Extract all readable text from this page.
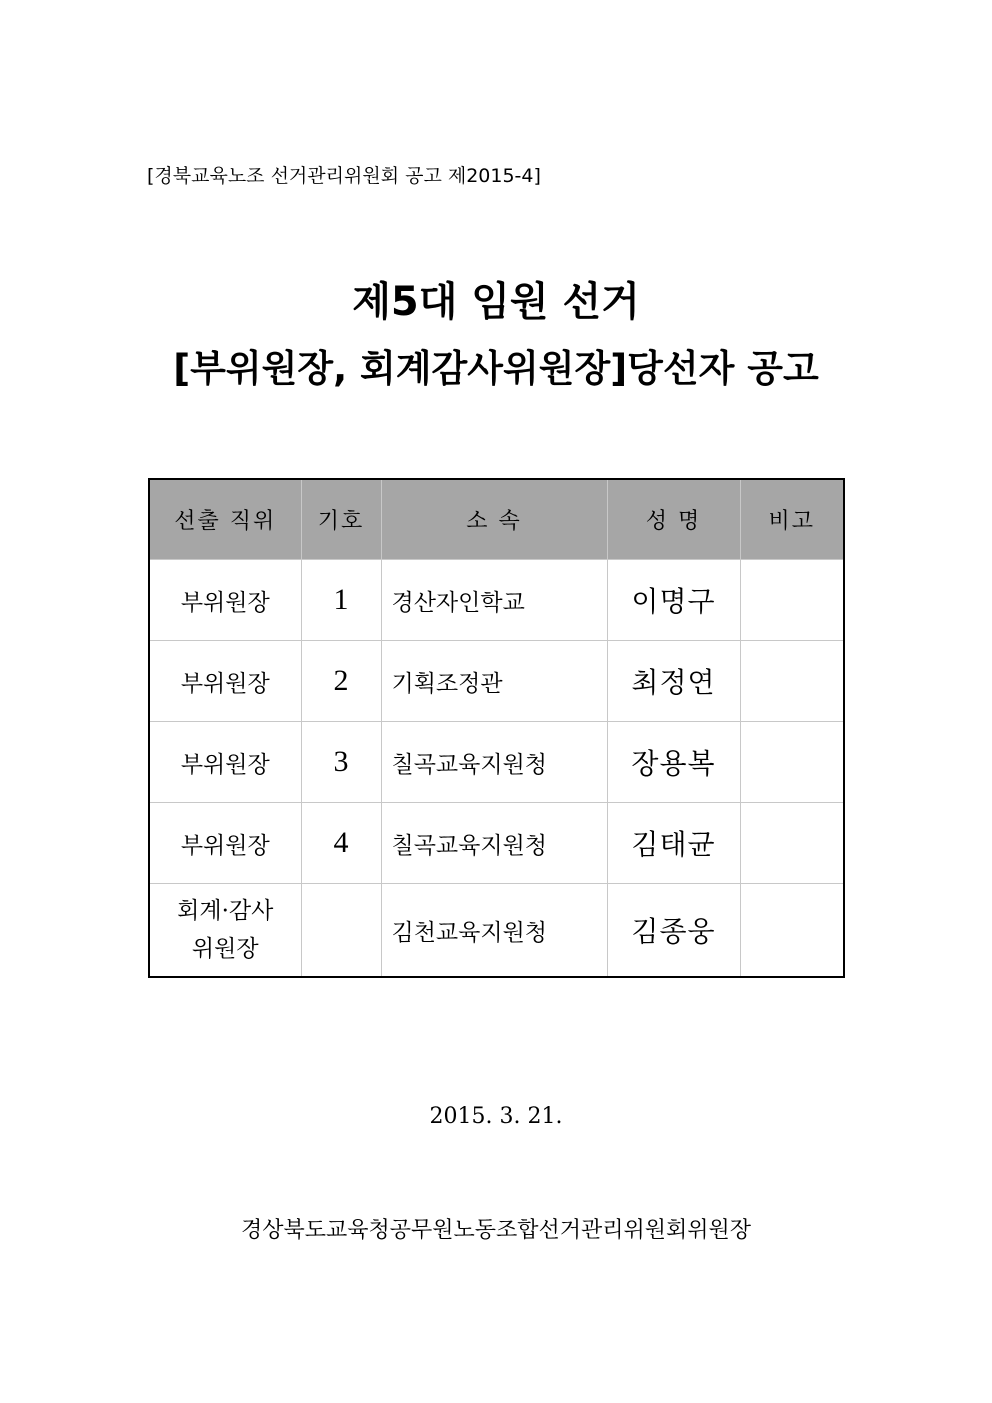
[경북교육노조 선거관리위원회 공고 제2015-4]
제5대 임원 선거
[부위원장, 회계감사위원장]당선자 공고
선출 직위	기호	소 속	성 명	비고
부위원장	1	경산자인학교	이명구	
부위원장	2	기획조정관	최정연	
부위원장	3	칠곡교육지원청	장용복	
부위원장	4	칠곡교육지원청	김태균	
회계·감사
위원장		김천교육지원청	김종웅	
2015. 3. 21.
경상북도교육청공무원노동조합선거관리위원회위원장
